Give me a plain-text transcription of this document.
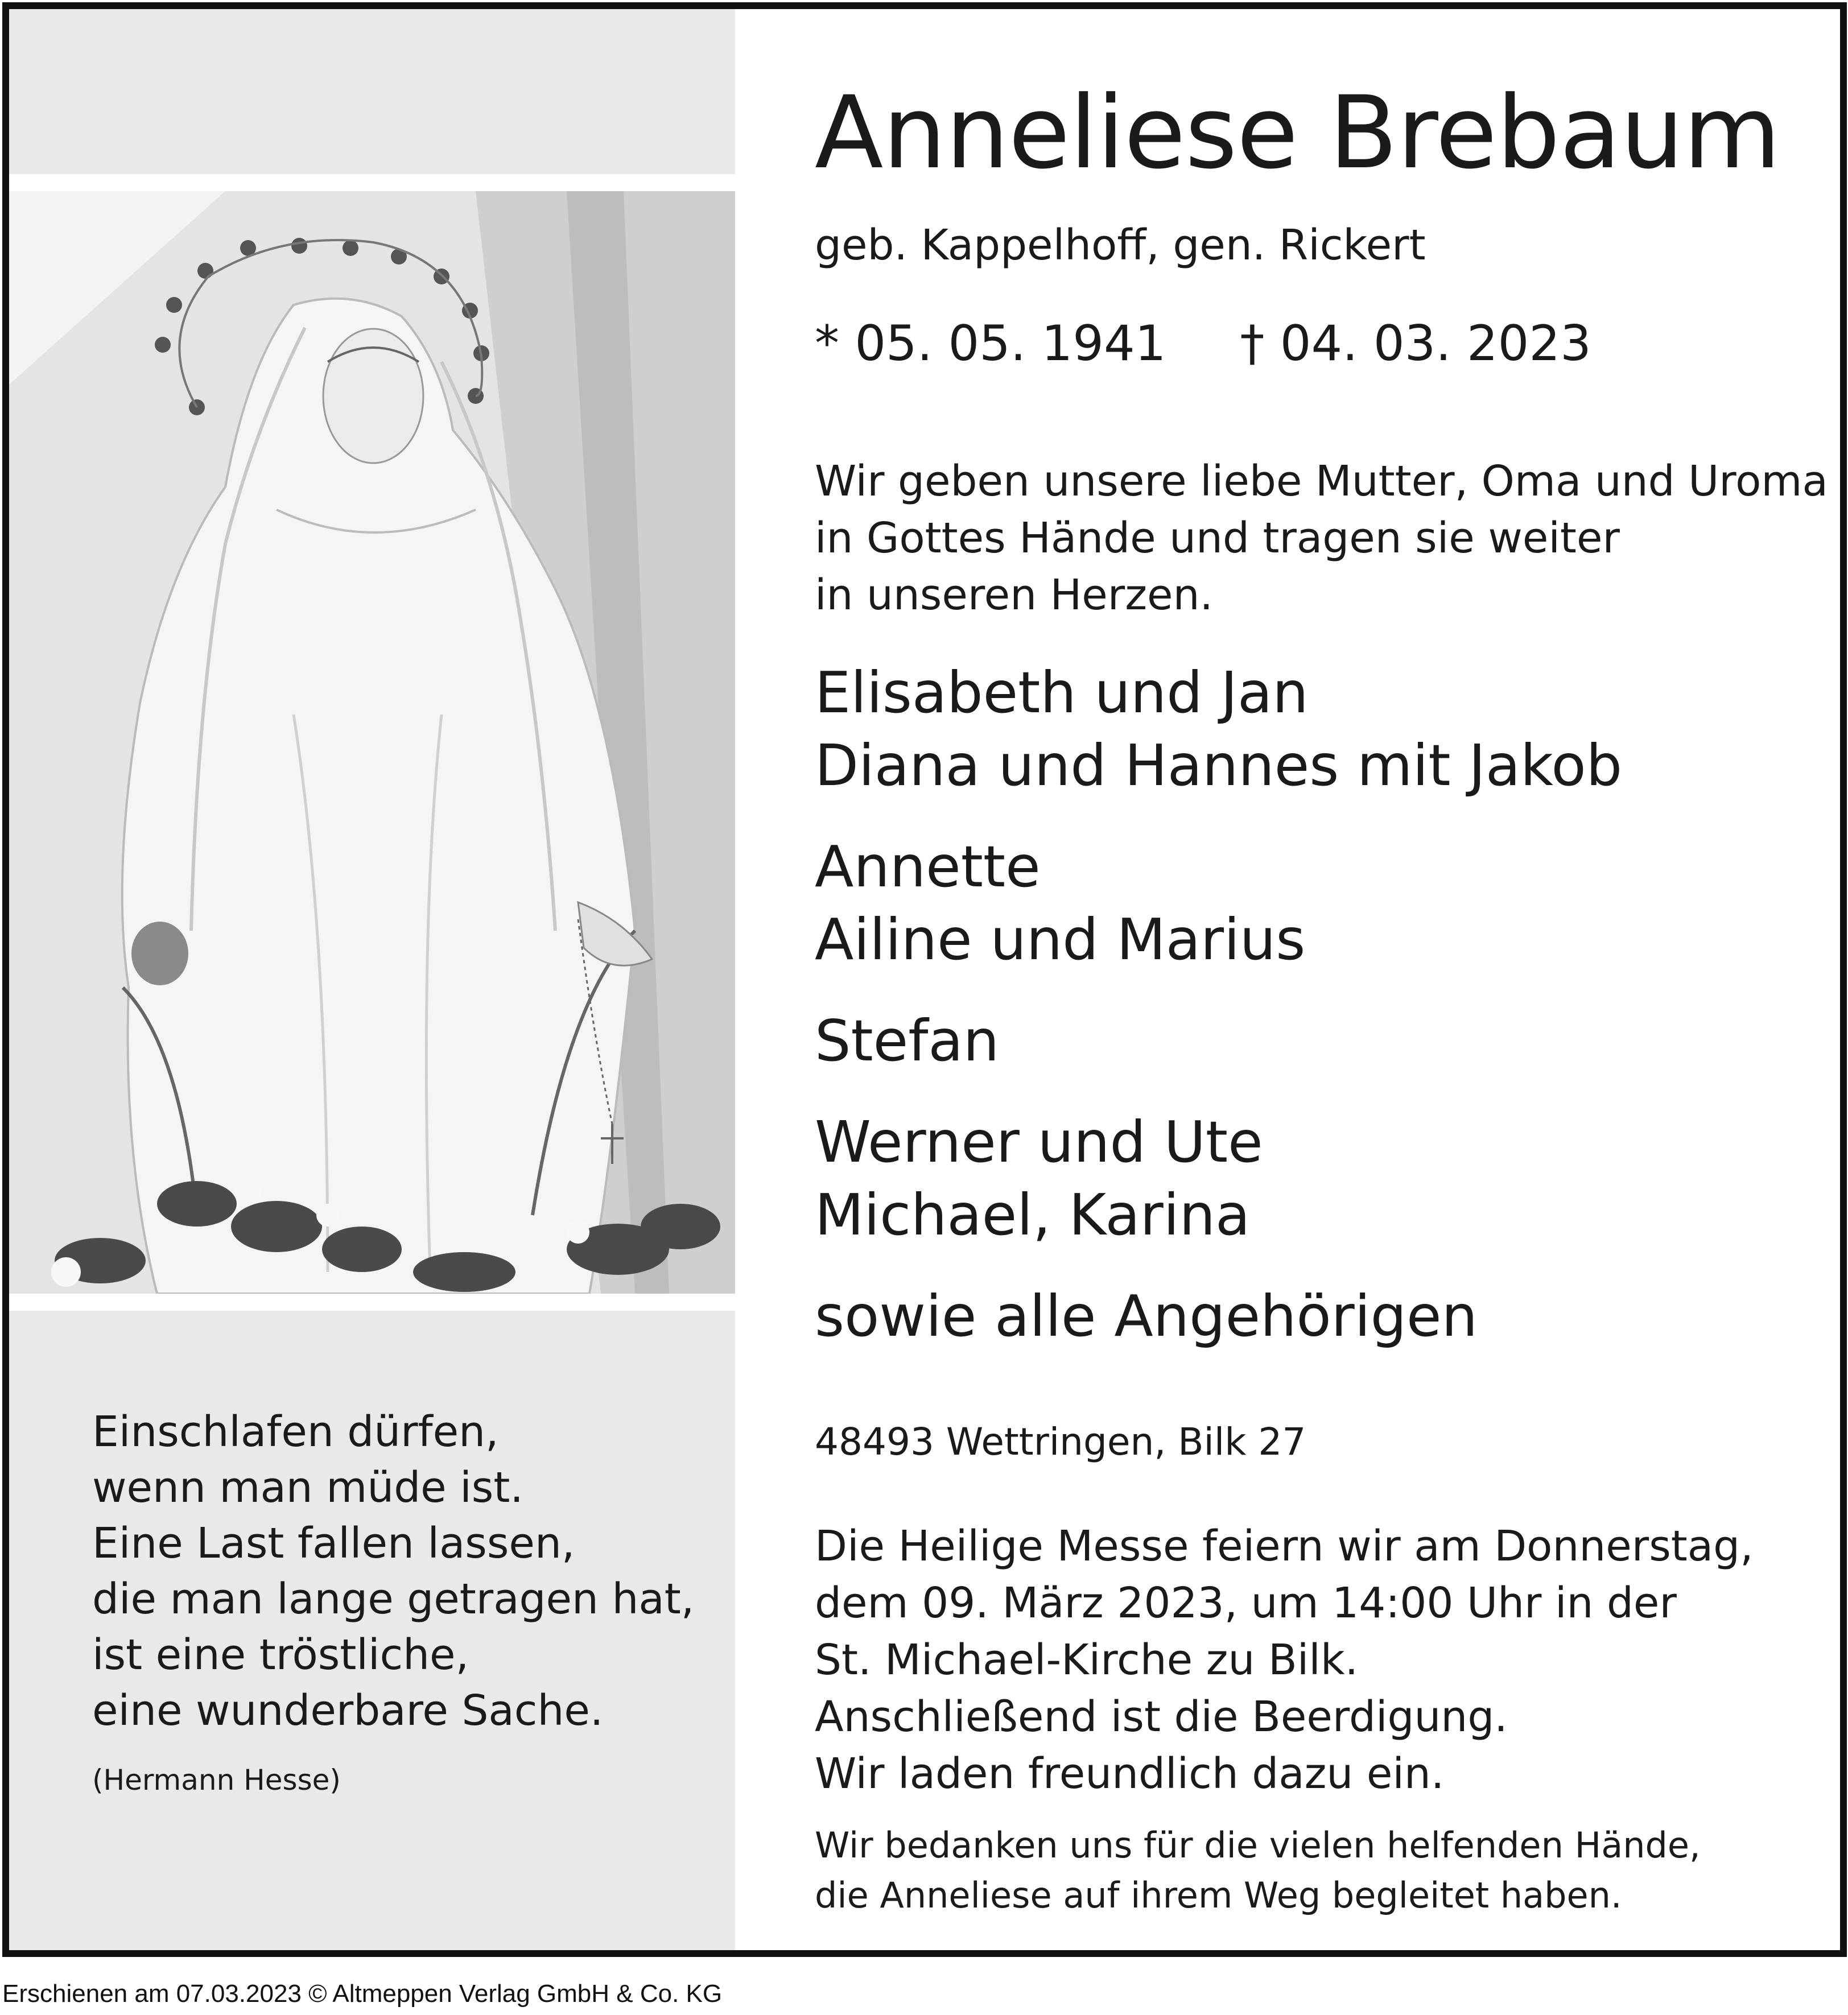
Einschlafen dürfen,
wenn man müde ist.
Eine Last fallen lassen,
die man lange getragen hat,
ist eine tröstliche,
eine wunderbare Sache.
(Hermann Hesse)
Anneliese Brebaum
geb. Kappelhoff, gen. Rickert
* 05. 05. 1941 † 04. 03. 2023
Wir geben unsere liebe Mutter, Oma und Uroma
in Gottes Hände und tragen sie weiter
in unseren Herzen.
Elisabeth und Jan
Diana und Hannes mit Jakob
Annette
Ailine und Marius
Stefan
Werner und Ute
Michael, Karina
sowie alle Angehörigen
48493 Wettringen, Bilk 27
Die Heilige Messe feiern wir am Donnerstag,
dem 09. März 2023, um 14:00 Uhr in der
St. Michael-Kirche zu Bilk.
Anschließend ist die Beerdigung.
Wir laden freundlich dazu ein.
Wir bedanken uns für die vielen helfenden Hände,
die Anneliese auf ihrem Weg begleitet haben.
Erschienen am 07.03.2023 © Altmeppen Verlag GmbH & Co. KG
